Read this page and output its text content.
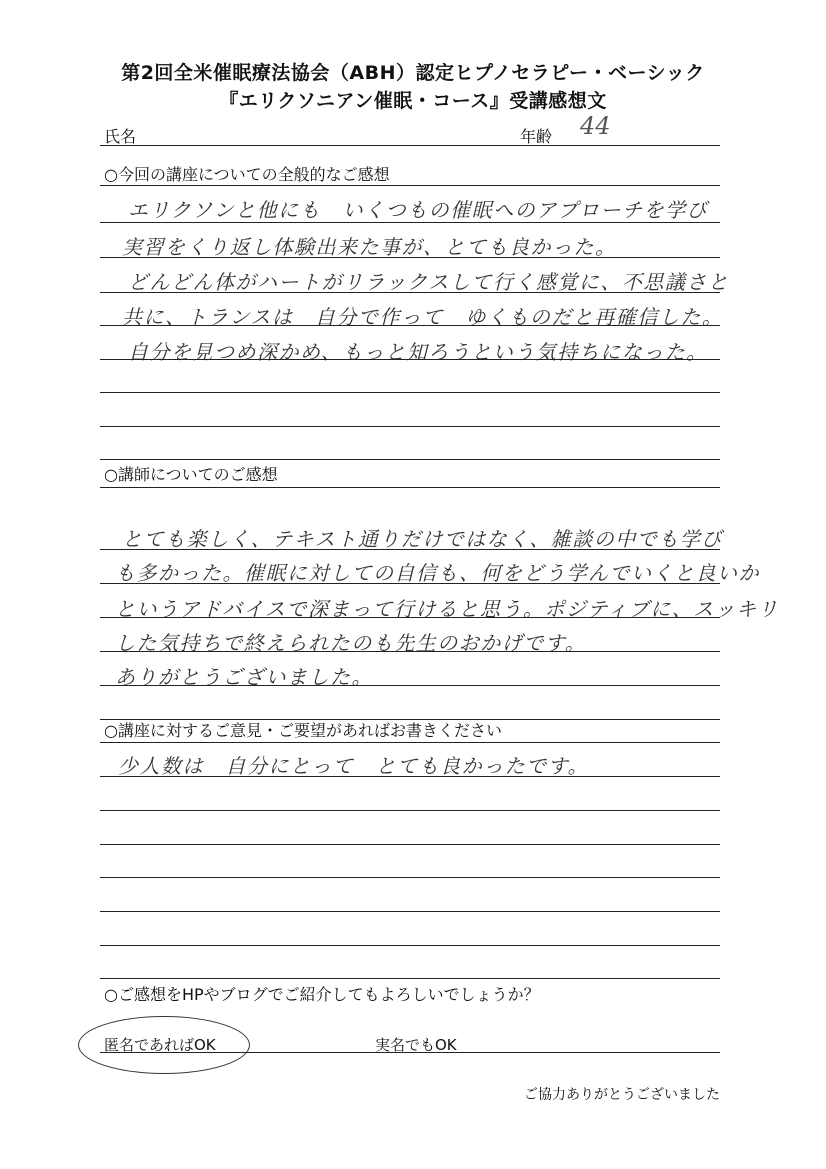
第2回全米催眠療法協会（ABH）認定ヒプノセラピー・ベーシック
『エリクソニアン催眠・コース』受講感想文
氏名	年齢 44
○今回の講座についての全般的なご感想
エリクソンと他にも　いくつもの催眠へのアプローチを学び
実習をくり返し体験出来た事が、とても良かった。
どんどん体がハートがリラックスして行く感覚に、不思議さと
共に、トランスは　自分で作って　ゆくものだと再確信した。
自分を見つめ深かめ、もっと知ろうという気持ちになった。
○講師についてのご感想
とても楽しく、テキスト通りだけではなく、雑談の中でも学び
も多かった。催眠に対しての自信も、何をどう学んでいくと良いか
というアドバイスで深まって行けると思う。ポジティブに、スッキリ
した気持ちで終えられたのも先生のおかげです。
ありがとうございました。
○講座に対するご意見・ご要望があればお書きください
少人数は　自分にとって　とても良かったです。
○ご感想をHPやブログでご紹介してもよろしいでしょうか？
匿名であればOK	実名でもOK
ご協力ありがとうございました
